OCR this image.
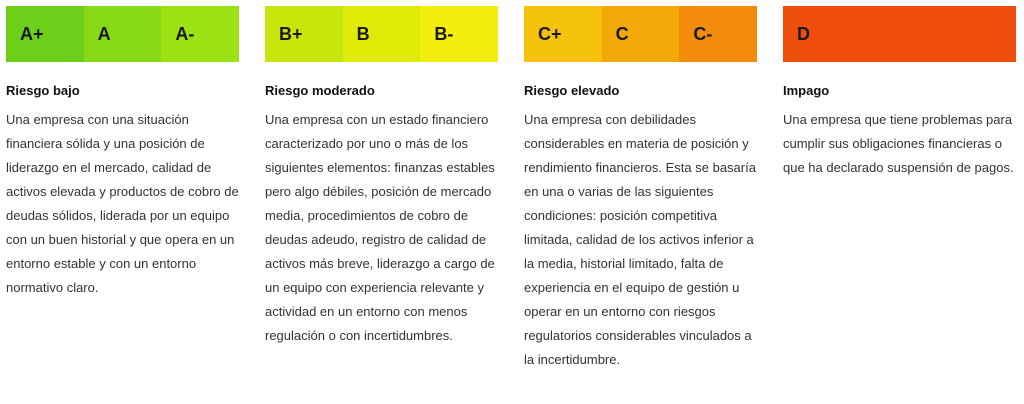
A+	A	A-
Riesgo bajo
Una empresa con una situación financiera sólida y una posición de liderazgo en el mercado, calidad de activos elevada y productos de cobro de deudas sólidos, liderada por un equipo con un buen historial y que opera en un entorno estable y con un entorno normativo claro.
B+	B	B-
Riesgo moderado
Una empresa con un estado financiero caracterizado por uno o más de los siguientes elementos: finanzas estables pero algo débiles, posición de mercado media, procedimientos de cobro de deudas adeudo, registro de calidad de activos más breve, liderazgo a cargo de un equipo con experiencia relevante y actividad en un entorno con menos regulación o con incertidumbres.
C+	C	C-
Riesgo elevado
Una empresa con debilidades considerables en materia de posición y rendimiento financieros. Esta se basaría en una o varias de las siguientes condiciones: posición competitiva limitada, calidad de los activos inferior a la media, historial limitado, falta de experiencia en el equipo de gestión u operar en un entorno con riesgos regulatorios considerables vinculados a la incertidumbre.
D
Impago
Una empresa que tiene problemas para cumplir sus obligaciones financieras o que ha declarado suspensión de pagos.
